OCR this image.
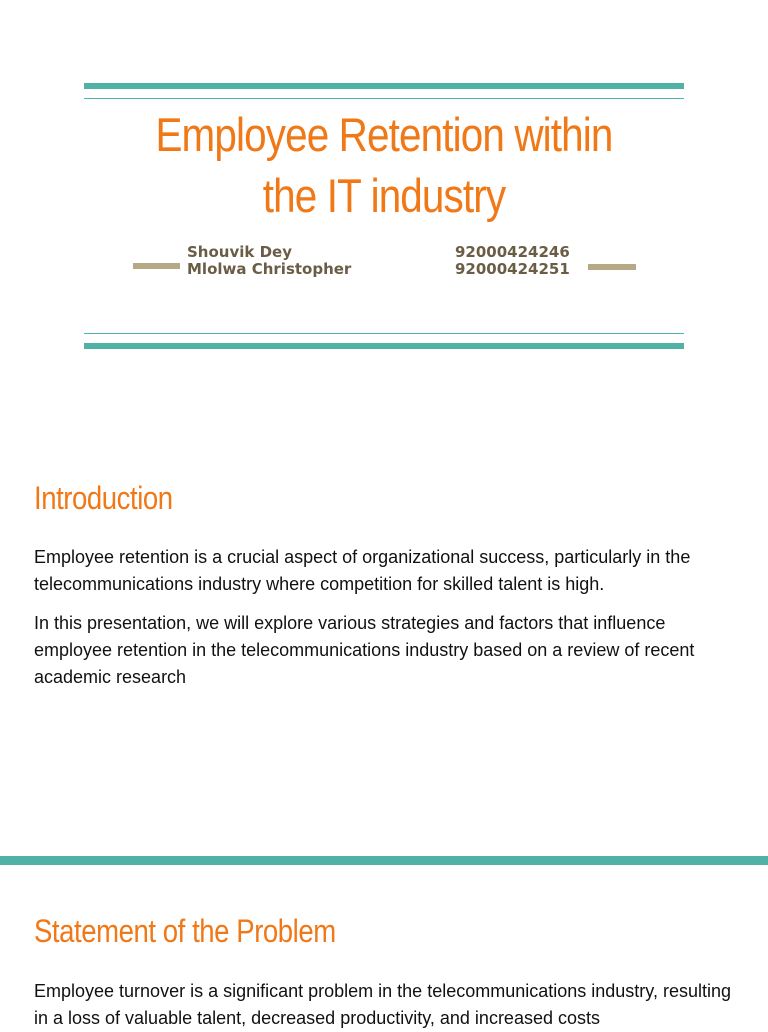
Employee Retention within the IT industry

Shouvik Dey

Mlolwa Christopher

92000424246

92000424251

Introduction

Employee retention is a crucial aspect of organizational success, particularly in the telecommunications industry where competition for skilled talent is high.

In this presentation, we will explore various strategies and factors that influence employee retention in the telecommunications industry based on a review of recent academic research

Statement of the Problem

Employee turnover is a significant problem in the telecommunications industry, resulting in a loss of valuable talent, decreased productivity, and increased costs
